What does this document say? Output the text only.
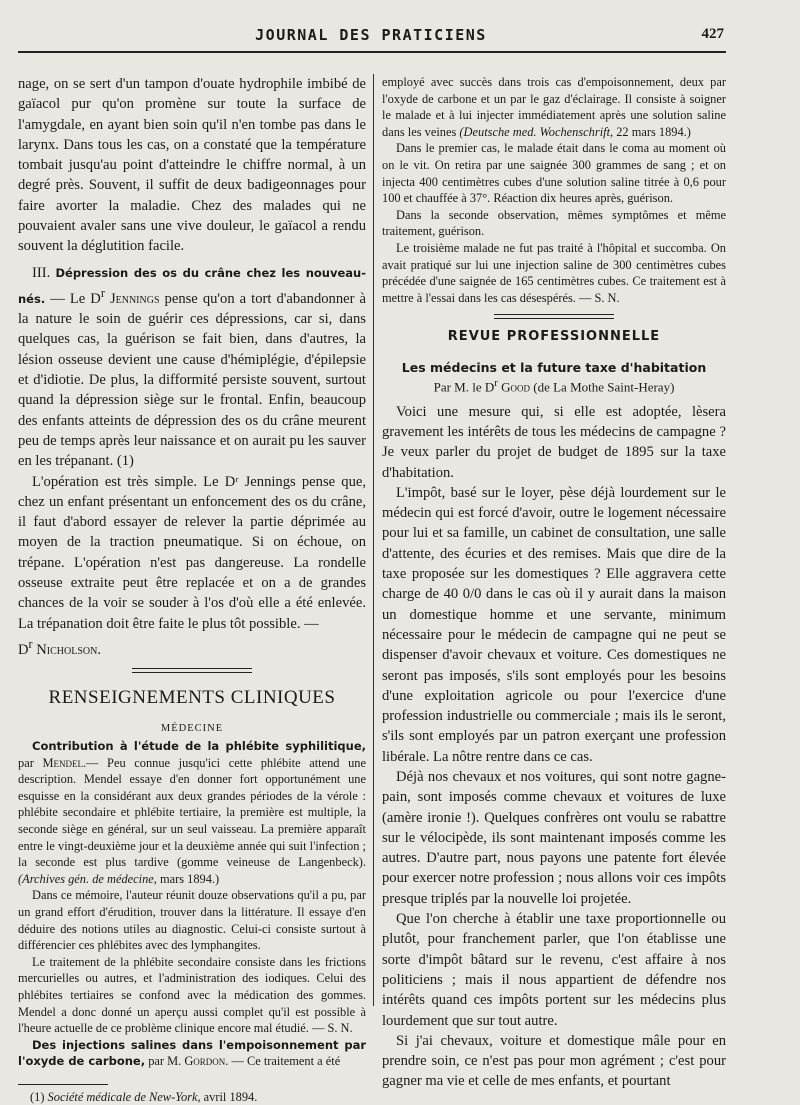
JOURNAL DES PRATICIENS	427

nage, on se sert d'un tampon d'ouate hydrophile imbibé de gaïacol pur qu'on promène sur toute la surface de l'amygdale, en ayant bien soin qu'il n'en tombe pas dans le larynx. Dans tous les cas, on a constaté que la température tombait jusqu'au point d'atteindre le chiffre normal, à un degré près. Souvent, il suffit de deux badigeonnages pour faire avorter la maladie. Chez des malades qui ne pouvaient avaler sans une vive douleur, le gaïacol a rendu souvent la déglutition facile.

III. Dépression des os du crâne chez les nouveau-nés. — Le $D^r$ Jennings pense qu'on a tort d'abandonner à la nature le soin de guérir ces dépressions, car si, dans quelques cas, la guérison se fait bien, dans d'autres, la lésion osseuse devient une cause d'hémiplégie, d'épilepsie et d'idiotie. De plus, la difformité persiste souvent, surtout quand la dépression siège sur le frontal. Enfin, beaucoup des enfants atteints de dépression des os du crâne meurent peu de temps après leur naissance et on aurait pu les sauver en les trépanant. (1)

L'opération est très simple. Le Dʳ Jennings pense que, chez un enfant présentant un enfoncement des os du crâne, il faut d'abord essayer de relever la partie déprimée au moyen de la traction pneumatique. Si on échoue, on trépane. L'opération n'est pas dangereuse. La rondelle osseuse extraite peut être replacée et on a de grandes chances de la voir se souder à l'os d'où elle a été enlevée. La trépanation doit être faite le plus tôt possible. —
$D^r$ Nicholson.

RENSEIGNEMENTS CLINIQUES
MÉDECINE

Contribution à l'étude de la phlébite syphilitique, par Mendel.— Peu connue jusqu'ici cette phlébite attend une description. Mendel essaye d'en donner fort opportunément une esquisse en la considérant aux deux grandes périodes de la vérole : phlébite secondaire et phlébite tertiaire, la première est multiple, la seconde siège en général, sur un seul vaisseau. La première apparaît entre le vingt-deuxième jour et la deuxième année qui suit l'infection ; la seconde est plus tardive (gomme veineuse de Langenbeck). (Archives gén. de médecine, mars 1894.)

Dans ce mémoire, l'auteur réunit douze observations qu'il a pu, par un grand effort d'érudition, trouver dans la littérature. Il essaye d'en déduire des notions utiles au diagnostic. Celui-ci consiste surtout à différencier ces phlébites avec des lymphangites.

Le traitement de la phlébite secondaire consiste dans les frictions mercurielles ou autres, et l'administration des iodiques. Celui des phlébites tertiaires se confond avec la médication des gommes. Mendel a donc donné un aperçu aussi complet qu'il est possible à l'heure actuelle de ce problème clinique encore mal étudié. — S. N.

Des injections salines dans l'empoisonnement par l'oxyde de carbone, par M. Gordon. — Ce traitement a été

(1) Société médicale de New-York, avril 1894.

employé avec succès dans trois cas d'empoisonnement, deux par l'oxyde de carbone et un par le gaz d'éclairage. Il consiste à soigner le malade et à lui injecter immédiatement après une solution saline dans les veines (Deutsche med. Wochenschrift, 22 mars 1894.)

Dans le premier cas, le malade était dans le coma au moment où on le vit. On retira par une saignée 300 grammes de sang ; et on injecta 400 centimètres cubes d'une solution saline titrée à 0,6 pour 100 et chauffée à 37°. Réaction dix heures après, guérison.

Dans la seconde observation, mêmes symptômes et même traitement, guérison.

Le troisième malade ne fut pas traité à l'hôpital et succomba. On avait pratiqué sur lui une injection saline de 300 centimètres cubes précédée d'une saignée de 165 centimètres cubes. Ce traitement est à mettre à l'essai dans les cas désespérés. — S. N.

REVUE PROFESSIONNELLE
Les médecins et la future taxe d'habitation
Par M. le $D^r$ Good (de La Mothe Saint-Heray)

Voici une mesure qui, si elle est adoptée, lèsera gravement les intérêts de tous les médecins de campagne ? Je veux parler du projet de budget de 1895 sur la taxe d'habitation.

L'impôt, basé sur le loyer, pèse déjà lourdement sur le médecin qui est forcé d'avoir, outre le logement nécessaire pour lui et sa famille, un cabinet de consultation, une salle d'attente, des écuries et des remises. Mais que dire de la taxe proposée sur les domestiques ? Elle aggravera cette charge de 40 0/0 dans le cas où il y aurait dans la maison un domestique homme et une servante, minimum nécessaire pour le médecin de campagne qui ne peut se dispenser d'avoir chevaux et voiture. Ces domestiques ne seront pas imposés, s'ils sont employés pour les besoins d'une exploitation agricole ou pour l'exercice d'une profession industrielle ou commerciale ; mais ils le seront, s'ils sont employés par un patron exerçant une profession libérale. La nôtre rentre dans ce cas.

Déjà nos chevaux et nos voitures, qui sont notre gagne-pain, sont imposés comme chevaux et voitures de luxe (amère ironie !). Quelques confrères ont voulu se rabattre sur le vélocipède, ils sont maintenant imposés comme les autres. D'autre part, nous payons une patente fort élevée pour exercer notre profession ; nous allons voir ces impôts presque triplés par la nouvelle loi projetée.

Que l'on cherche à établir une taxe proportionnelle ou plutôt, pour franchement parler, que l'on établisse une sorte d'impôt bâtard sur le revenu, c'est affaire à nos politiciens ; mais il nous appartient de défendre nos intérêts quand ces impôts portent sur les médecins plus lourdement que sur tout autre.

Si j'ai chevaux, voiture et domestique mâle pour en prendre soin, ce n'est pas pour mon agrément ; c'est pour gagner ma vie et celle de mes enfants, et pourtant
